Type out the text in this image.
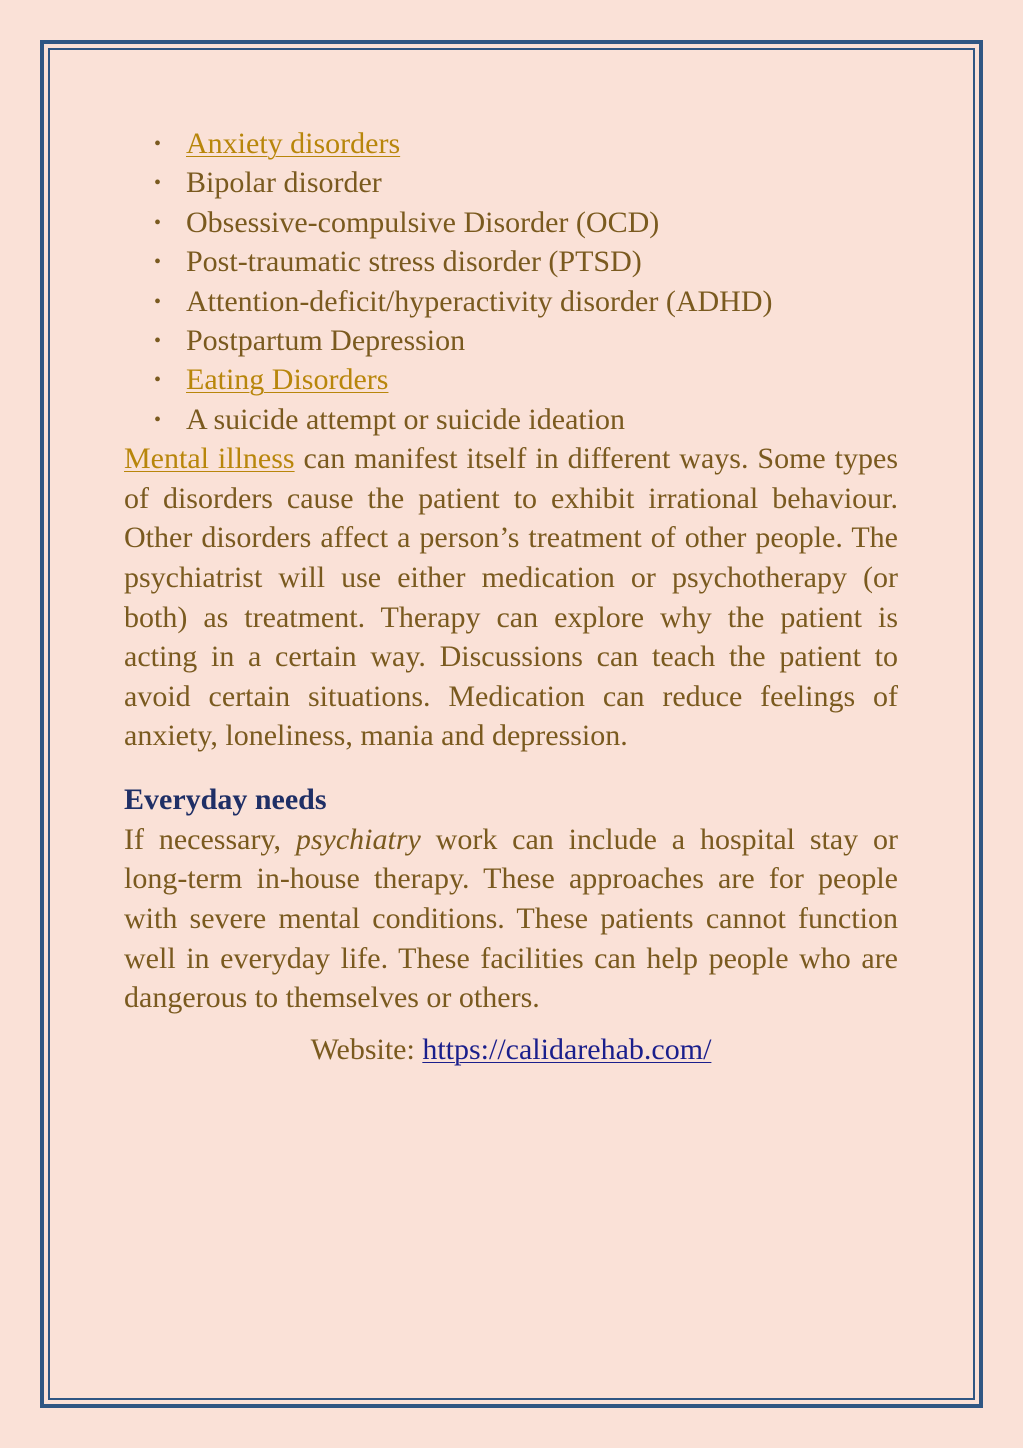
• Anxiety disorders
• Bipolar disorder
• Obsessive-compulsive Disorder (OCD)
• Post-traumatic stress disorder (PTSD)
• Attention-deficit/hyperactivity disorder (ADHD)
• Postpartum Depression
• Eating Disorders
• A suicide attempt or suicide ideation

Mental illness can manifest itself in different ways. Some types of disorders cause the patient to exhibit irrational behaviour. Other disorders affect a person’s treatment of other people. The psychiatrist will use either medication or psychotherapy (or both) as treatment. Therapy can explore why the patient is acting in a certain way. Discussions can teach the patient to avoid certain situations. Medication can reduce feelings of anxiety, loneliness, mania and depression.

Everyday needs

If necessary, psychiatry work can include a hospital stay or long-term in-house therapy. These approaches are for people with severe mental conditions. These patients cannot function well in everyday life. These facilities can help people who are dangerous to themselves or others.

Website: https://calidarehab.com/
